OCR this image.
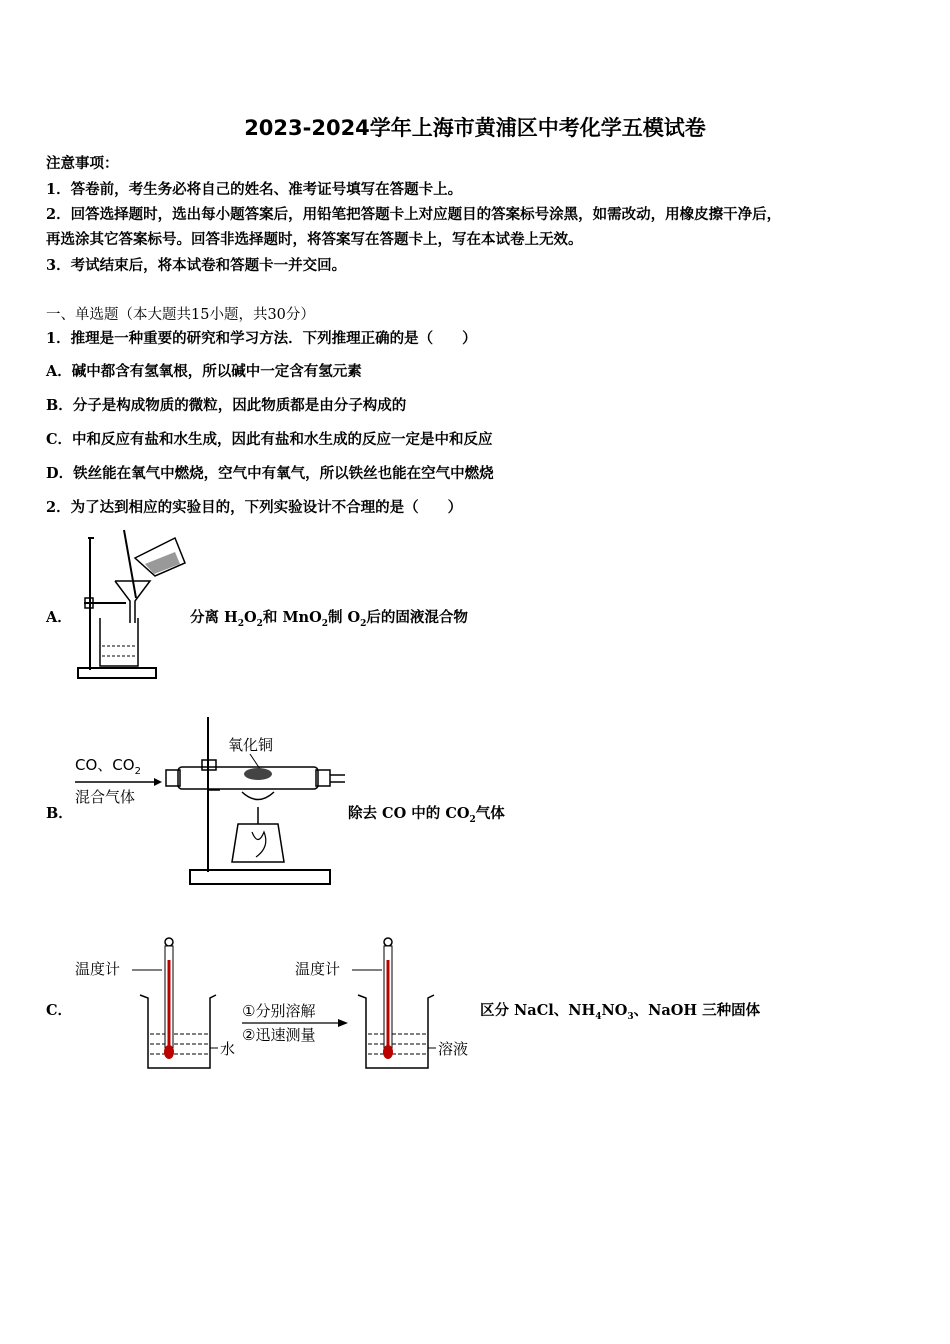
2023-2024学年上海市黄浦区中考化学五模试卷
注意事项：
1．答卷前，考生务必将自己的姓名、准考证号填写在答题卡上。
2．回答选择题时，选出每小题答案后，用铅笔把答题卡上对应题目的答案标号涂黑，如需改动，用橡皮擦干净后，
再选涂其它答案标号。回答非选择题时，将答案写在答题卡上，写在本试卷上无效。
3．考试结束后，将本试卷和答题卡一并交回。
一、单选题（本大题共15小题，共30分）
1．推理是一种重要的研究和学习方法．下列推理正确的是（　　）
A．碱中都含有氢氧根，所以碱中一定含有氢元素
B．分子是构成物质的微粒，因此物质都是由分子构成的
C．中和反应有盐和水生成，因此有盐和水生成的反应一定是中和反应
D．铁丝能在氧气中燃烧，空气中有氧气，所以铁丝也能在空气中燃烧
2．为了达到相应的实验目的，下列实验设计不合理的是（　　）
A．	分离 $H_2O_2$和 MnO$_2$制 $O_2$后的固液混合物
B．
CO、$CO_2$
混合气体
氧化铜
除去 CO 中的 $CO_2$气体
C．
温度计
水
①分别溶解
②迅速测量
温度计
溶液
区分 NaCl、$NH_4NO_3$、NaOH 三种固体
